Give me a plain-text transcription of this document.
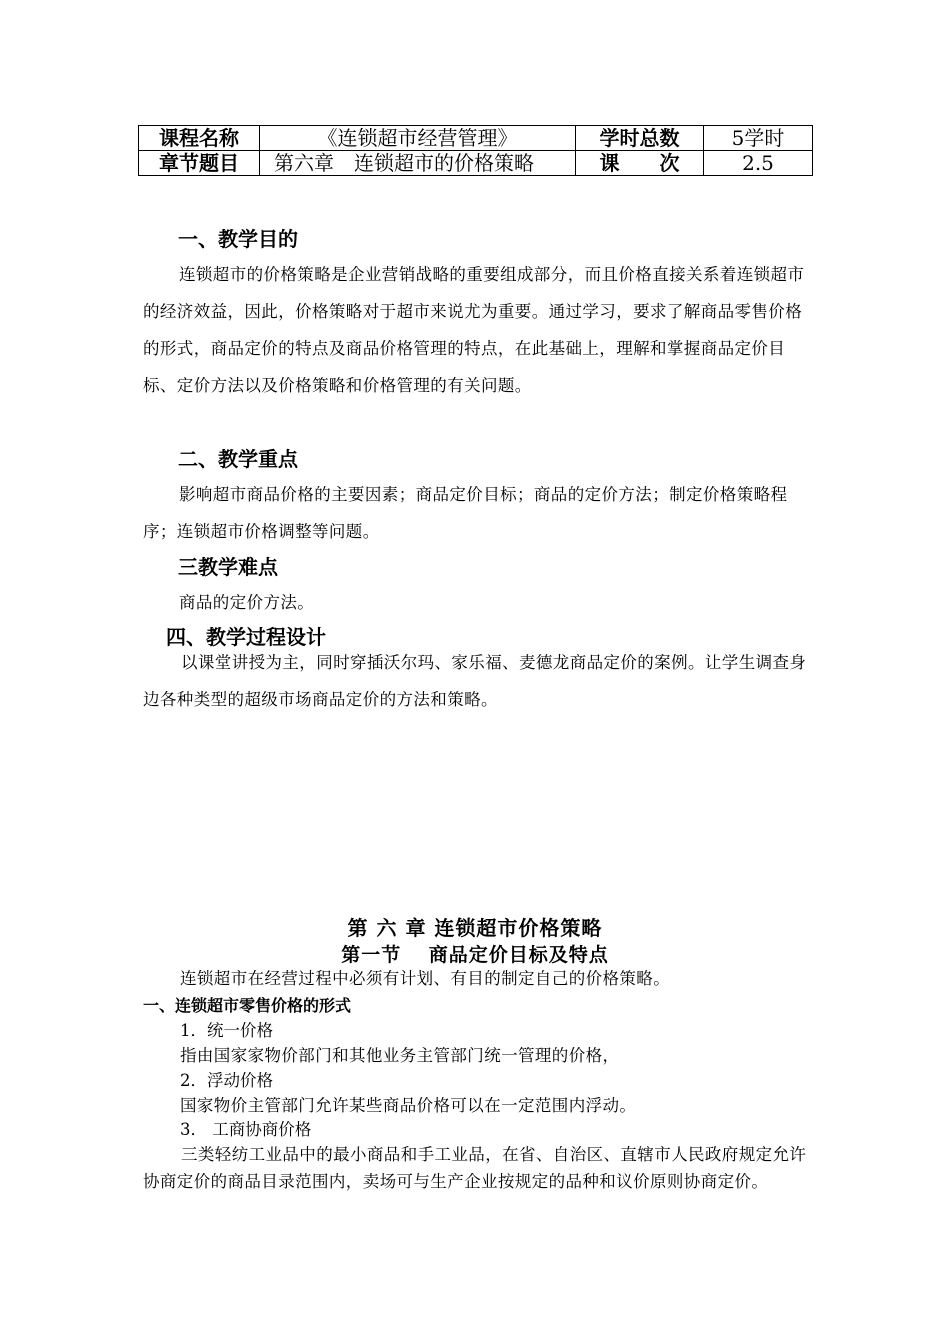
课程名称	《连锁超市经营管理》	学时总数	5学时
章节题目	第六章　连锁超市的价格策略	课　　次	2.5
一、教学目的
连锁超市的价格策略是企业营销战略的重要组成部分，而且价格直接关系着连锁超市的经济效益，因此，价格策略对于超市来说尤为重要。通过学习，要求了解商品零售价格的形式，商品定价的特点及商品价格管理的特点，在此基础上，理解和掌握商品定价目标、定价方法以及价格策略和价格管理的有关问题。
二、教学重点
影响超市商品价格的主要因素；商品定价目标；商品的定价方法；制定价格策略程序；连锁超市价格调整等问题。
三教学难点
商品的定价方法。
四、教学过程设计
以课堂讲授为主，同时穿插沃尔玛、家乐福、麦德龙商品定价的案例。让学生调查身边各种类型的超级市场商品定价的方法和策略。
第 六 章 连锁超市价格策略
第一节　 商品定价目标及特点
连锁超市在经营过程中必须有计划、有目的制定自己的价格策略。
一、连锁超市零售价格的形式
1．统一价格
指由国家家物价部门和其他业务主管部门统一管理的价格，
2．浮动价格
国家物价主管部门允许某些商品价格可以在一定范围内浮动。
3． 工商协商价格
三类轻纺工业品中的最小商品和手工业品，在省、自治区、直辖市人民政府规定允许协商定价的商品目录范围内，卖场可与生产企业按规定的品种和议价原则协商定价。
